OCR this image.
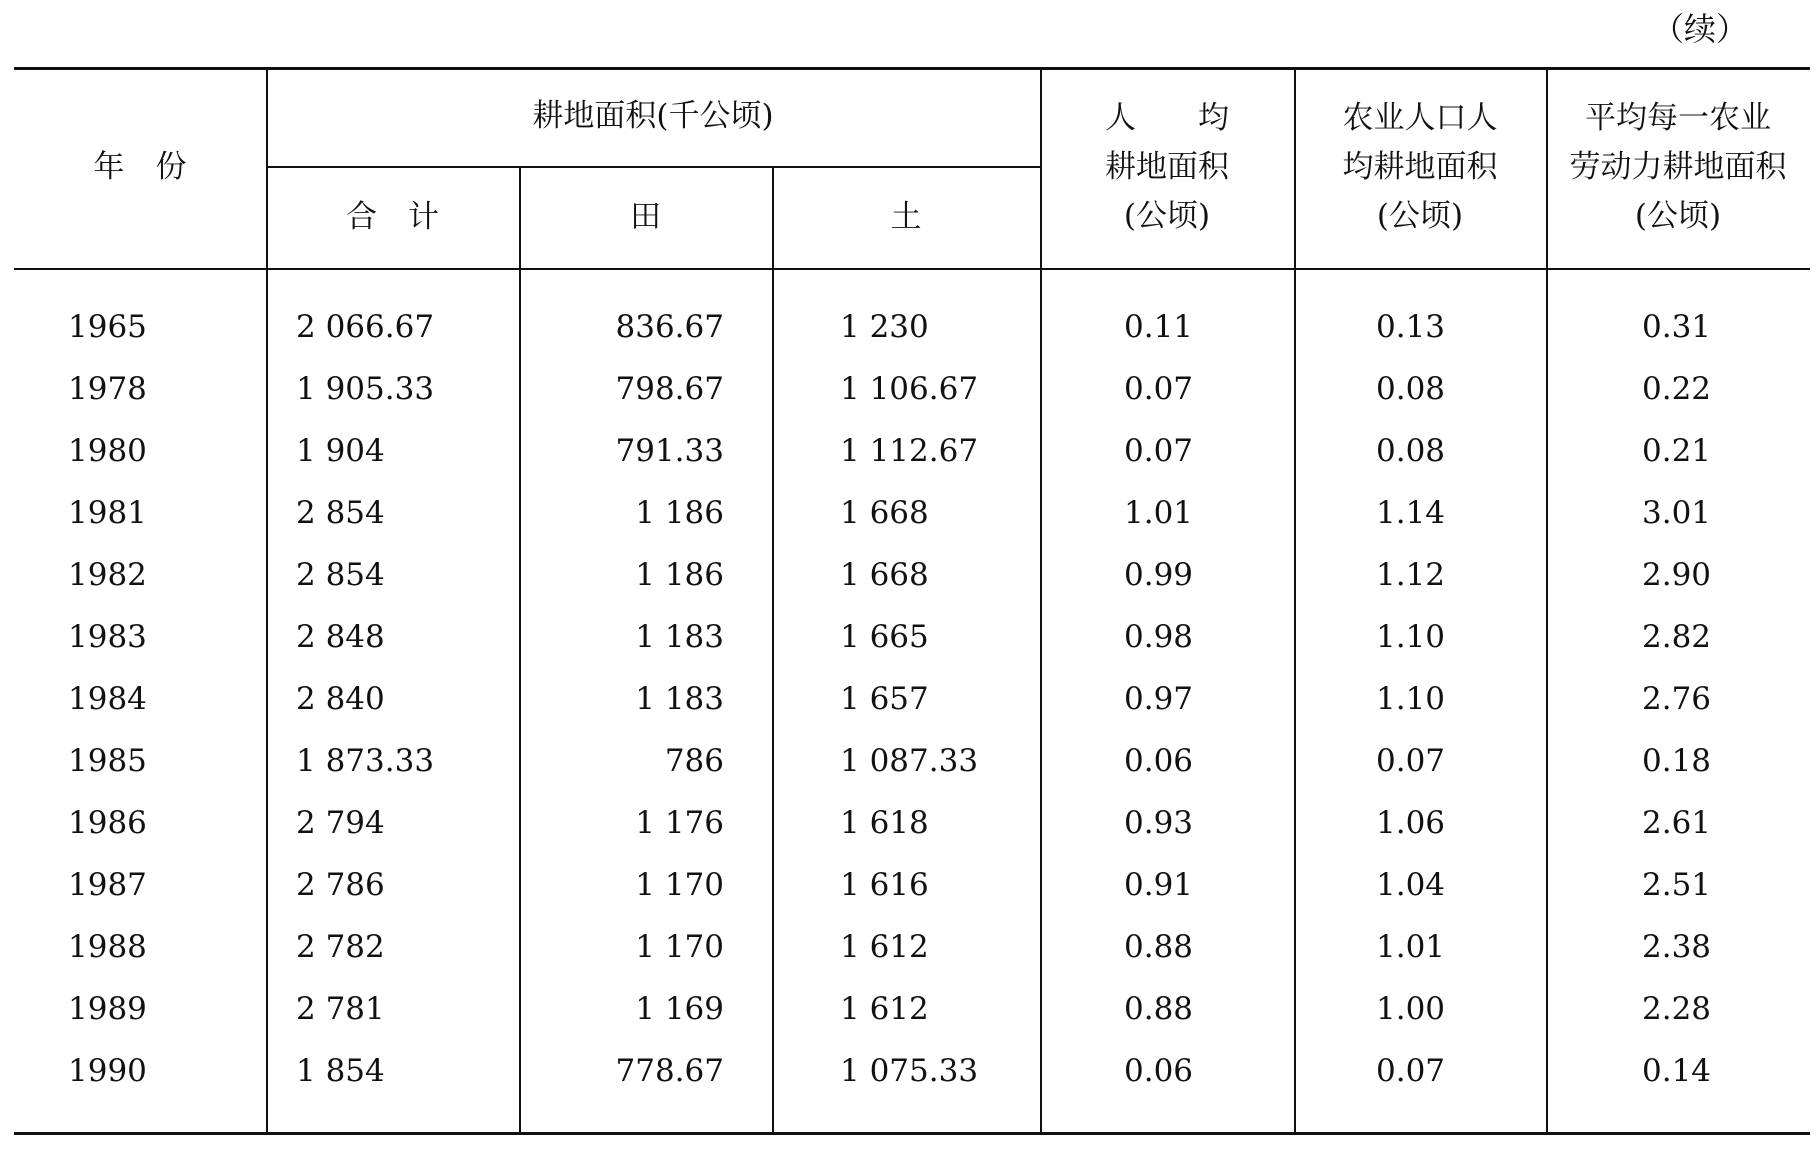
（续）
年　份
耕地面积(千公顷)
合　计	田	土
人　　均
耕地面积
(公顷)
农业人口人
均耕地面积
(公顷)
平均每一农业
劳动力耕地面积
(公顷)
1965	2 066.67	836.67	1 230	0.11	0.13	0.31
1978	1 905.33	798.67	1 106.67	0.07	0.08	0.22
1980	1 904	791.33	1 112.67	0.07	0.08	0.21
1981	2 854	1 186	1 668	1.01	1.14	3.01
1982	2 854	1 186	1 668	0.99	1.12	2.90
1983	2 848	1 183	1 665	0.98	1.10	2.82
1984	2 840	1 183	1 657	0.97	1.10	2.76
1985	1 873.33	786	1 087.33	0.06	0.07	0.18
1986	2 794	1 176	1 618	0.93	1.06	2.61
1987	2 786	1 170	1 616	0.91	1.04	2.51
1988	2 782	1 170	1 612	0.88	1.01	2.38
1989	2 781	1 169	1 612	0.88	1.00	2.28
1990	1 854	778.67	1 075.33	0.06	0.07	0.14
